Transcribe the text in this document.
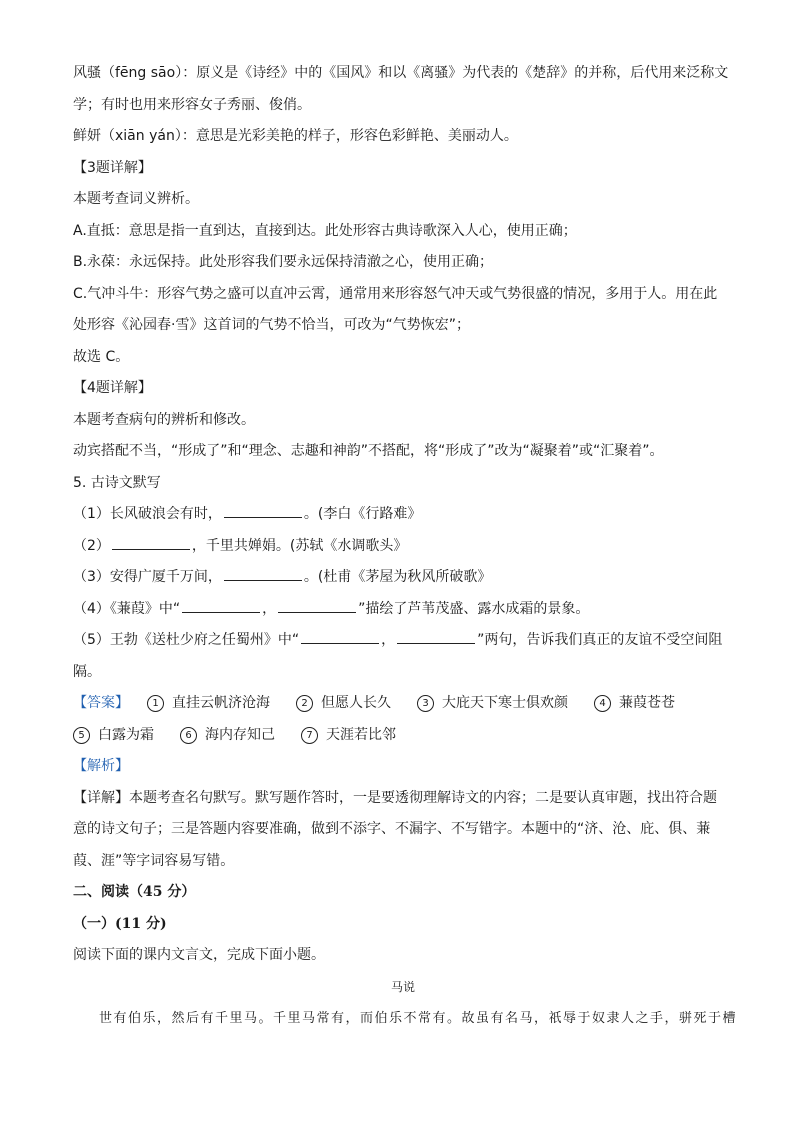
风骚（fēng sāo）：原义是《诗经》中的《国风》和以《离骚》为代表的《楚辞》的并称，后代用来泛称文
学；有时也用来形容女子秀丽、俊俏。
鲜妍（xiān yán）：意思是光彩美艳的样子，形容色彩鲜艳、美丽动人。
【3题详解】
本题考查词义辨析。
A.直抵：意思是指一直到达，直接到达。此处形容古典诗歌深入人心，使用正确；
B.永葆：永远保持。此处形容我们要永远保持清澈之心，使用正确；
C.气冲斗牛：形容气势之盛可以直冲云霄，通常用来形容怒气冲天或气势很盛的情况，多用于人。用在此
处形容《沁园春·雪》这首词的气势不恰当，可改为“气势恢宏”；
故选 C。
【4题详解】
本题考查病句的辨析和修改。
动宾搭配不当，“形成了”和“理念、志趣和神韵”不搭配，将“形成了”改为“凝聚着”或“汇聚着”。
5. 古诗文默写
（1）长风破浪会有时，	。(李白《行路难》
（2）	，千里共婵娟。(苏轼《水调歌头》
（3）安得广厦千万间，	。(杜甫《茅屋为秋风所破歌》
（4）《蒹葭》中“	，	”描绘了芦苇茂盛、露水成霜的景象。
（5）王勃《送杜少府之任蜀州》中“	，	”两句，告诉我们真正的友谊不受空间阻
隔。
【答案】	1 直挂云帆济沧海	2 但愿人长久	3 大庇天下寒士俱欢颜	4 蒹葭苍苍
5 白露为霜	6 海内存知己	7 天涯若比邻
【解析】
【详解】本题考查名句默写。默写题作答时，一是要透彻理解诗文的内容；二是要认真审题，找出符合题
意的诗文句子；三是答题内容要准确，做到不添字、不漏字、不写错字。本题中的“济、沧、庇、俱、蒹
葭、涯”等字词容易写错。
二、阅读（45 分）
（一）(11 分)
阅读下面的课内文言文，完成下面小题。
马说
世有伯乐，然后有千里马。千里马常有，而伯乐不常有。故虽有名马，祇辱于奴隶人之手，骈死于槽
